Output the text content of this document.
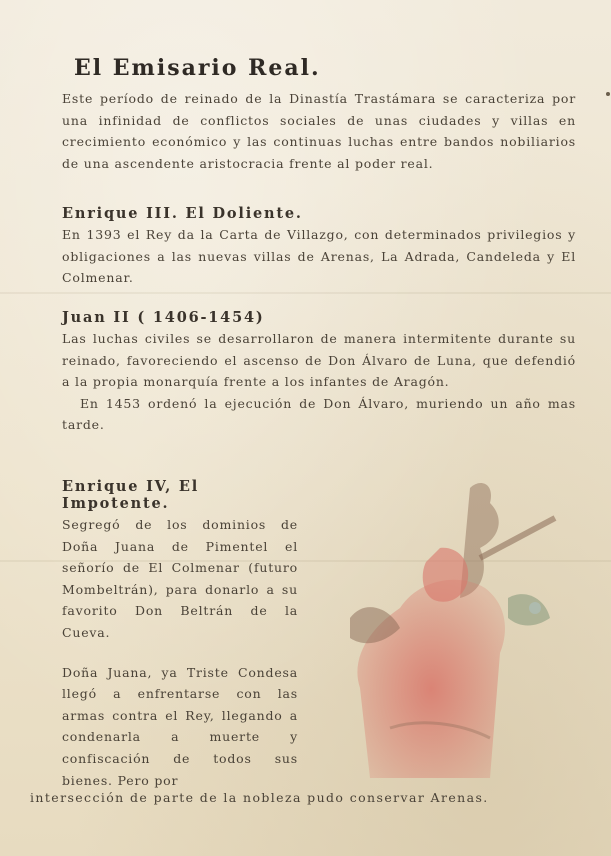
El Emisario Real.
Este período de reinado de la Dinastía Trastámara se caracteriza por una infinidad de conflictos sociales de unas ciudades y villas en crecimiento económico y las continuas luchas entre bandos nobiliarios de una ascendente aristocracia frente al poder real.
Enrique III. El Doliente.
En 1393 el Rey da la Carta de Villazgo, con determinados privilegios y obligaciones a las nuevas villas de Arenas, La Adrada, Candeleda y El Colmenar.
Juan II ( 1406-1454)
Las luchas civiles se desarrollaron de manera intermitente durante su reinado, favoreciendo el ascenso de Don Álvaro de Luna, que defendió a la propia monarquía frente a los infantes de Aragón.
En 1453 ordenó la ejecución de Don Álvaro, muriendo un año mas tarde.
Enrique IV, El Impotente.
Segregó de los dominios de Doña Juana de Pimentel el señorío de El Colmenar (futuro Mombeltrán), para donarlo a su favorito Don Beltrán de la Cueva.
Doña Juana, ya Triste Condesa llegó a enfrentarse con las armas contra el Rey, llegando a condenarla a muerte y confiscación de todos sus bienes. Pero por
intersección de parte de la nobleza pudo conservar Arenas.
